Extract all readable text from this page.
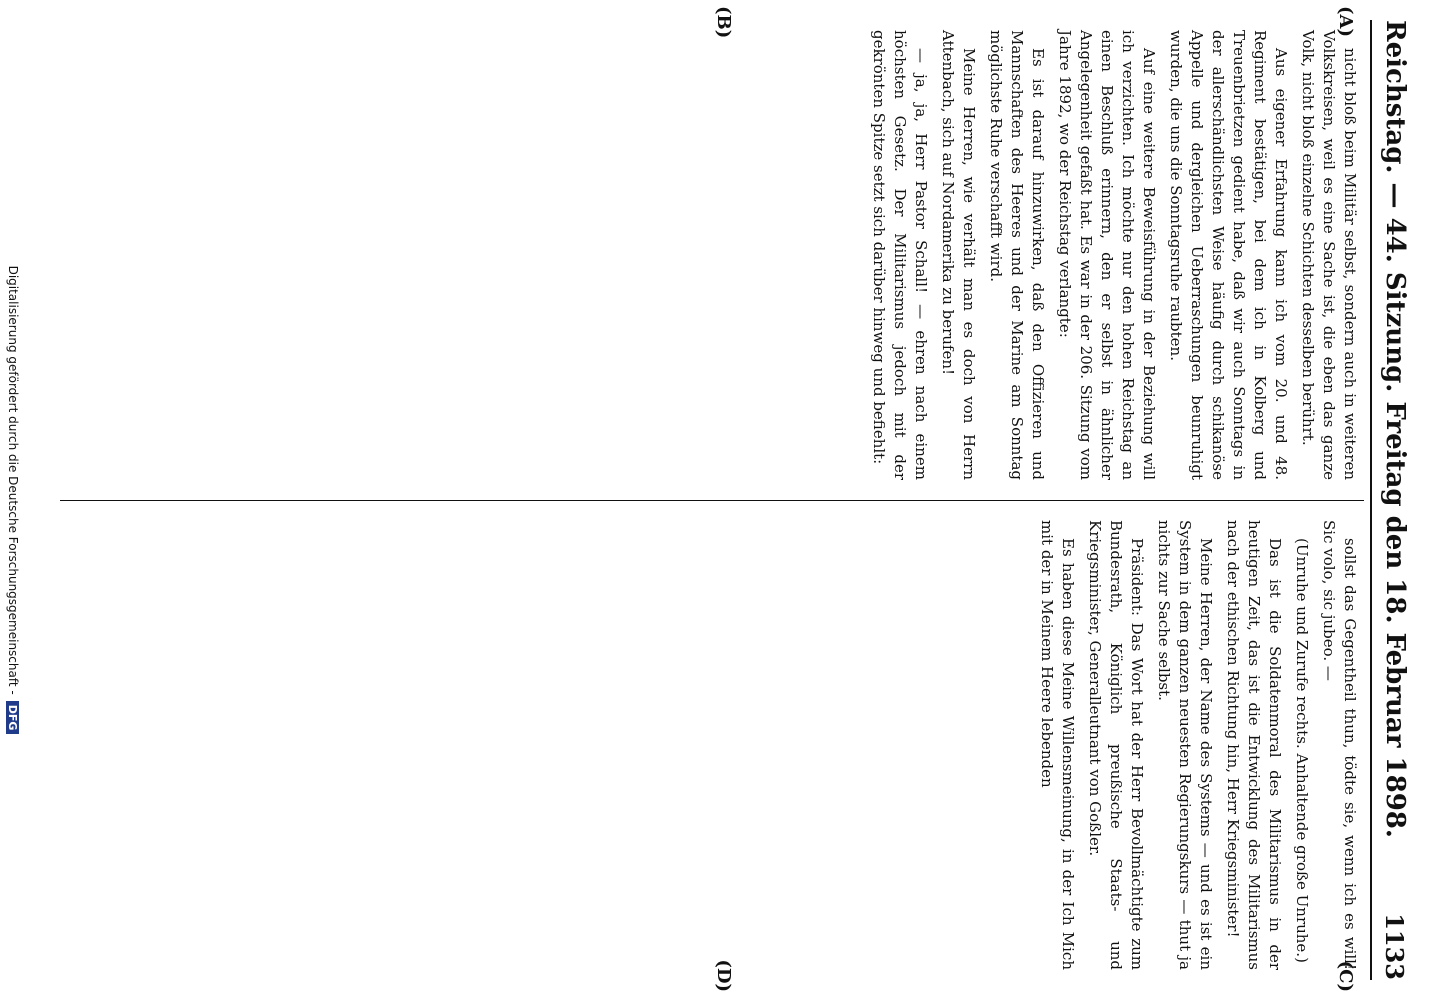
Reichstag. — 44. Sitzung. Freitag den 18. Februar 1898.
1133
(A)
(B)
(C)
(D)

nicht bloß beim Militär selbst, sondern auch in weiteren Volkskreisen, weil es eine Sache ist, die eben das ganze Volk, nicht bloß einzelne Schichten desselben berührt.

Aus eigener Erfahrung kann ich vom 20. und 48. Regiment bestätigen, bei dem ich in Kolberg und Treuenbrietzen gedient habe, daß wir auch Sonntags in der allerschändlichsten Weise häufig durch schikanöse Appelle und dergleichen Ueberraschungen beunruhigt wurden, die uns die Sonntagsruhe raubten.

Auf eine weitere Beweisführung in der Beziehung will ich verzichten. Ich möchte nur den hohen Reichstag an einen Beschluß erinnern, den er selbst in ähnlicher Angelegenheit gefaßt hat. Es war in der 206. Sitzung vom Jahre 1892, wo der Reichstag verlangte:

Es ist darauf hinzuwirken, daß den Offizieren und Mannschaften des Heeres und der Marine am Sonntag möglichste Ruhe verschafft wird.

Meine Herren, wie verhält man es doch von Herrn Attenbach, sich auf Nordamerika zu berufen!

— ja, ja, Herr Pastor Schall! — ehren nach einem höchsten Gesetz. Der Militarismus jedoch mit der gekrönten Spitze setzt sich darüber hinweg und befiehlt:

sollst das Gegentheil thun, tödte sie, wenn ich es will! Sic volo, sic jubeo. —

(Unruhe und Zurufe rechts. Anhaltende große Unruhe.)

Das ist die Soldatenmoral des Militarismus in der heutigen Zeit, das ist die Entwicklung des Militarismus nach der ethischen Richtung hin, Herr Kriegsminister!

Meine Herren, der Name des Systems — und es ist ein System in dem ganzen neuesten Regierungskurs — thut ja nichts zur Sache selbst.

Präsident: Das Wort hat der Herr Bevollmächtigte zum Bundesrath, Königlich preußische Staats- und Kriegsminister, Generalleutnant von Goßler.

Es haben diese Meine Willensmeinung, in der Ich Mich mit der in Meinem Heere lebenden

Digitalisierung gefördert durch die Deutsche Forschungsgemeinschaft -DFG
